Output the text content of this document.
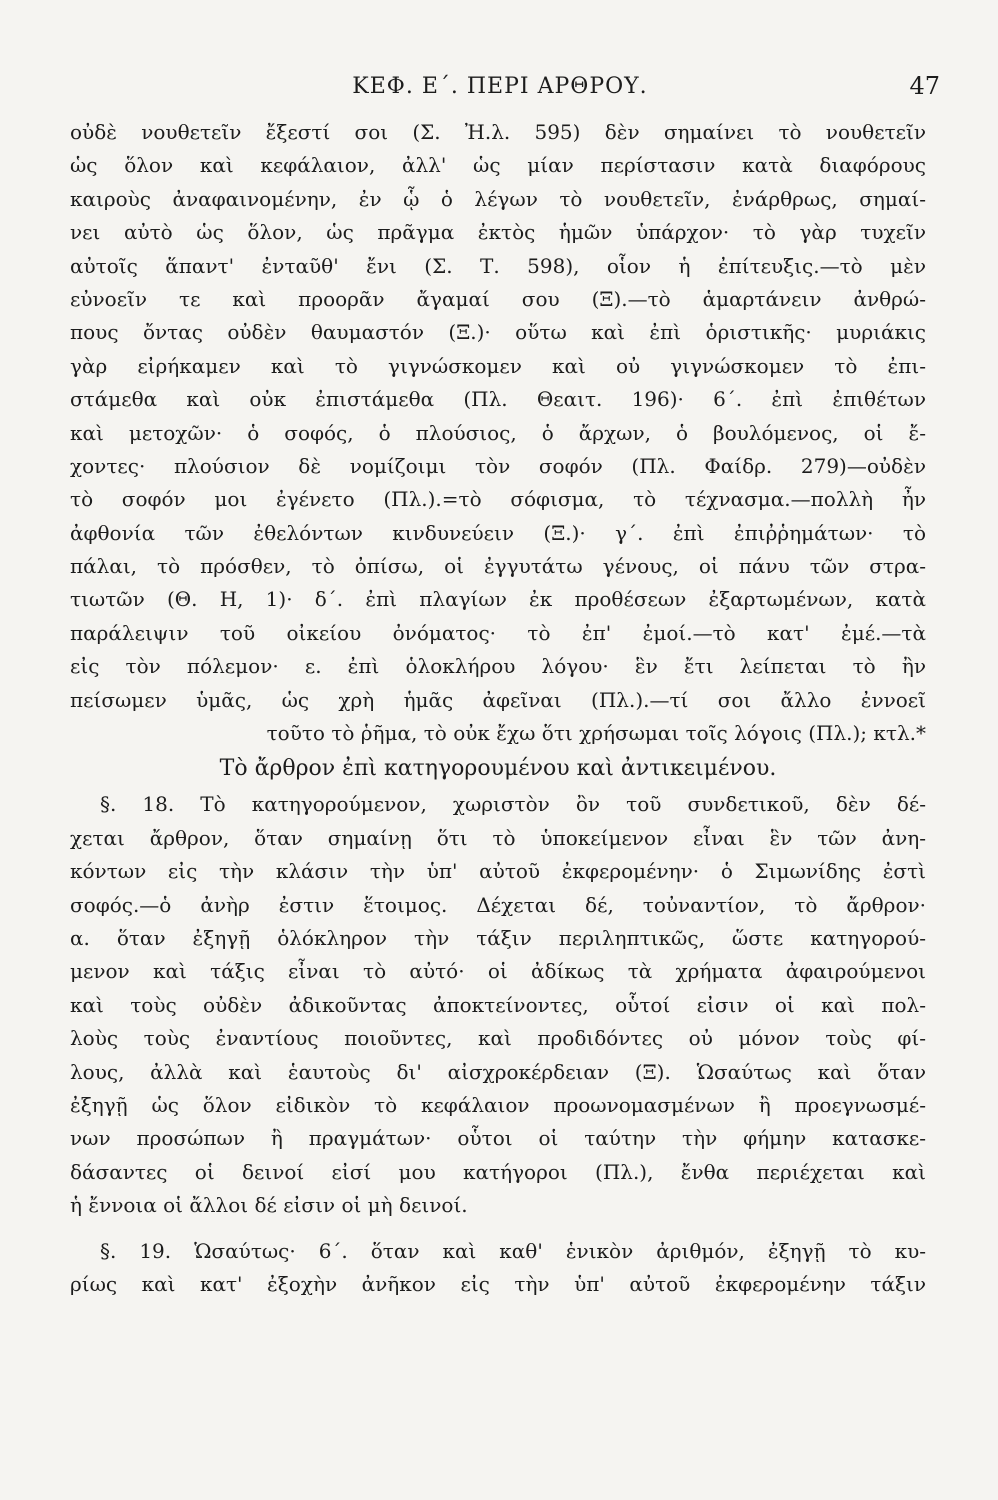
ΚΕΦ. Ε΄. ΠΕΡΙ ΑΡΘΡΟΥ.	47
οὐδὲ νουθετεῖν ἔξεστί σοι (Σ. Ἠ.λ. 595) δὲν σημαίνει τὸ νουθετεῖν
ὡς ὅλον καὶ κεφάλαιον, ἀλλ' ὡς μίαν περίστασιν κατὰ διαφόρους
καιροὺς ἀναφαινομένην, ἐν ᾧ ὁ λέγων τὸ νουθετεῖν, ἐνάρθρως, σημαί-
νει αὐτὸ ὡς ὅλον, ὡς πρᾶγμα ἐκτὸς ἡμῶν ὑπάρχον· τὸ γὰρ τυχεῖν
αὐτοῖς ἅπαντ' ἐνταῦθ' ἔνι (Σ. Τ. 598), οἷον ἡ ἐπίτευξις.—τὸ μὲν
εὐνοεῖν τε καὶ προορᾶν ἄγαμαί σου (Ξ).—τὸ ἁμαρτάνειν ἀνθρώ-
πους ὄντας οὐδὲν θαυμαστόν (Ξ.)· οὕτω καὶ ἐπὶ ὁριστικῆς· μυριάκις
γὰρ εἰρήκαμεν καὶ τὸ γιγνώσκομεν καὶ οὐ γιγνώσκομεν τὸ ἐπι-
στάμεθα καὶ οὐκ ἐπιστάμεθα (Πλ. Θεαιτ. 196)· 6΄. ἐπὶ ἐπιθέτων
καὶ μετοχῶν· ὁ σοφός, ὁ πλούσιος, ὁ ἄρχων, ὁ βουλόμενος, οἱ ἔ-
χοντες· πλούσιον δὲ νομίζοιμι τὸν σοφόν (Πλ. Φαίδρ. 279)—οὐδὲν
τὸ σοφόν μοι ἐγένετο (Πλ.).=τὸ σόφισμα, τὸ τέχνασμα.—πολλὴ ἦν
ἀφθονία τῶν ἐθελόντων κινδυνεύειν (Ξ.)· γ΄. ἐπὶ ἐπιῤῥημάτων· τὸ
πάλαι, τὸ πρόσθεν, τὸ ὀπίσω, οἱ ἐγγυτάτω γένους, οἱ πάνυ τῶν στρα-
τιωτῶν (Θ. Η, 1)· δ΄. ἐπὶ πλαγίων ἐκ προθέσεων ἐξαρτωμένων, κατὰ
παράλειψιν τοῦ οἰκείου ὀνόματος· τὸ ἐπ' ἐμοί.—τὸ κατ' ἐμέ.—τὰ
εἰς τὸν πόλεμον· ε. ἐπὶ ὁλοκλήρου λόγου· ἓν ἔτι λείπεται τὸ ἢν
πείσωμεν ὑμᾶς, ὡς χρὴ ἡμᾶς ἀφεῖναι (Πλ.).—τί σοι ἄλλο ἐννοεῖ
τοῦτο τὸ ῥῆμα, τὸ οὐκ ἔχω ὅτι χρήσωμαι τοῖς λόγοις (Πλ.); κτλ.*
Τὸ ἄρθρον ἐπὶ κατηγορουμένου καὶ ἀντικειμένου.
§. 18. Τὸ κατηγορούμενον, χωριστὸν ὂν τοῦ συνδετικοῦ, δὲν δέ-
χεται ἄρθρον, ὅταν σημαίνῃ ὅτι τὸ ὑποκείμενον εἶναι ἓν τῶν ἀνη-
κόντων εἰς τὴν κλάσιν τὴν ὑπ' αὐτοῦ ἐκφερομένην· ὁ Σιμωνίδης ἐστὶ
σοφός.—ὁ ἀνὴρ ἐστιν ἕτοιμος. Δέχεται δέ, τοὐναντίον, τὸ ἄρθρον·
α. ὅταν ἐξηγῇ ὁλόκληρον τὴν τάξιν περιληπτικῶς, ὥστε κατηγορού-
μενον καὶ τάξις εἶναι τὸ αὐτό· οἱ ἀδίκως τὰ χρήματα ἀφαιρούμενοι
καὶ τοὺς οὐδὲν ἀδικοῦντας ἀποκτείνοντες, οὗτοί εἰσιν οἱ καὶ πολ-
λοὺς τοὺς ἐναντίους ποιοῦντες, καὶ προδιδόντες οὐ μόνον τοὺς φί-
λους, ἀλλὰ καὶ ἑαυτοὺς δι' αἰσχροκέρδειαν (Ξ). Ὡσαύτως καὶ ὅταν
ἐξηγῇ ὡς ὅλον εἰδικὸν τὸ κεφάλαιον προωνομασμένων ἢ προεγνωσμέ-
νων προσώπων ἢ πραγμάτων· οὗτοι οἱ ταύτην τὴν φήμην κατασκε-
δάσαντες οἱ δεινοί εἰσί μου κατήγοροι (Πλ.), ἔνθα περιέχεται καὶ
ἡ ἔννοια οἱ ἄλλοι δέ εἰσιν οἱ μὴ δεινοί.
§. 19. Ὡσαύτως· 6΄. ὅταν καὶ καθ' ἑνικὸν ἀριθμόν, ἐξηγῇ τὸ κυ-
ρίως καὶ κατ' ἐξοχὴν ἀνῆκον εἰς τὴν ὑπ' αὐτοῦ ἐκφερομένην τάξιν
